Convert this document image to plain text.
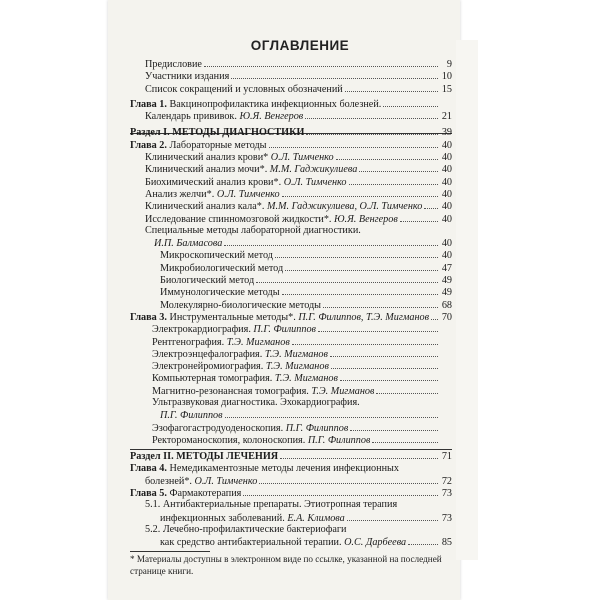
ОГЛАВЛЕНИЕ
Предисловие	9
Участники издания	10
Список сокращений и условных обозначений	15
Глава 1. Вакцинопрофилактика инфекционных болезней.
Календарь прививок. Ю.Я. Венгеров	21
Раздел I. МЕТОДЫ ДИАГНОСТИКИ	39
Глава 2. Лабораторные методы	40
Клинический анализ крови* О.Л. Тимченко	40
Клинический анализ мочи*. М.М. Гаджикулиева	40
Биохимический анализ крови*. О.Л. Тимченко	40
Анализ желчи*. О.Л. Тимченко	40
Клинический анализ кала*. М.М. Гаджикулиева, О.Л. Тимченко 40
Исследование спинномозговой жидкости*. Ю.Я. Венгеров	40
Специальные методы лабораторной диагностики.
И.П. Балмасова	40
Микроскопический метод	40
Микробиологический метод	47
Биологический метод	49
Иммунологические методы	49
Молекулярно-биологические методы	68
Глава 3. Инструментальные методы*. П.Г. Филиппов, Т.Э. Мигманов 70
Электрокардиография. П.Г. Филиппов
Рентгенография. Т.Э. Мигманов
Электроэнцефалография. Т.Э. Мигманов
Электронейромиография. Т.Э. Мигманов
Компьютерная томография. Т.Э. Мигманов
Магнитно-резонансная томография. Т.Э. Мигманов
Ультразвуковая диагностика. Эхокардиография.
П.Г. Филиппов
Эзофагогастродуоденоскопия. П.Г. Филиппов
Ректороманоскопия, колоноскопия. П.Г. Филиппов
Раздел II. МЕТОДЫ ЛЕЧЕНИЯ	71
Глава 4. Немедикаментозные методы лечения инфекционных
болезней*. О.Л. Тимченко	72
Глава 5. Фармакотерапия	73
5.1. Антибактериальные препараты. Этиотропная терапия
инфекционных заболеваний. Е.А. Климова	73
5.2. Лечебно-профилактические бактериофаги
как средство антибактериальной терапии. О.С. Дарбеева	85
* Материалы доступны в электронном виде по ссылке, указанной на последней странице книги.
